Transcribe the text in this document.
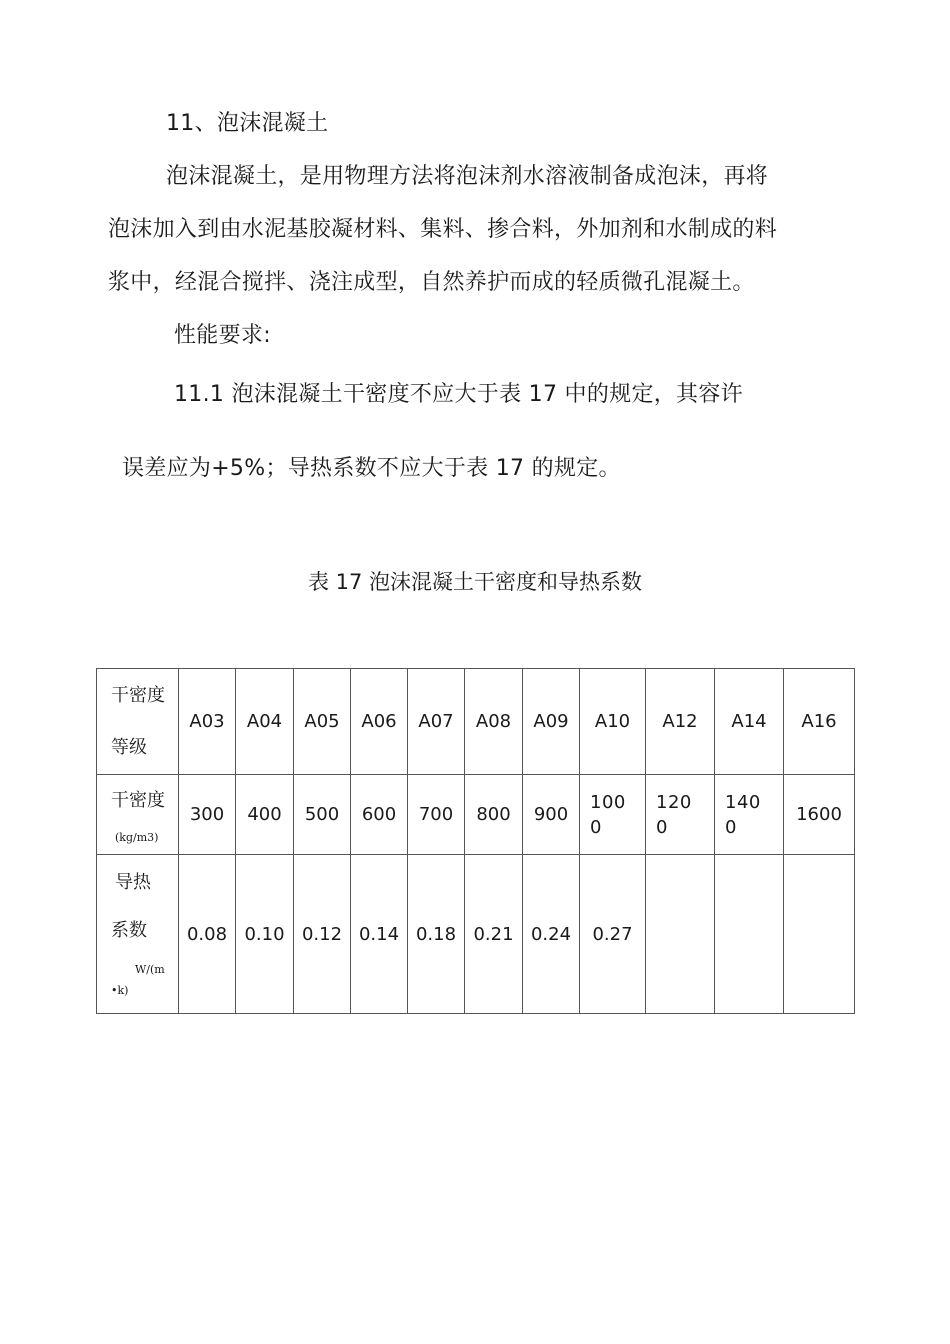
11、泡沫混凝土
泡沫混凝土，是用物理方法将泡沫剂水溶液制备成泡沫，再将
泡沫加入到由水泥基胶凝材料、集料、掺合料，外加剂和水制成的料
浆中，经混合搅拌、浇注成型，自然养护而成的轻质微孔混凝土。
性能要求:
11.1 泡沫混凝土干密度不应大于表 17 中的规定，其容许
误差应为+5%；导热系数不应大于表 17 的规定。
表 17 泡沫混凝土干密度和导热系数
干密度
等级	A03	A04	A05	A06	A07	A08	A09	A10	A12	A14	A16

干密度
(kg/m3)	300	400	500	600	700	800	900	1000	1200	1400	1600

导热
系数
W/(m
•k)	0.08	0.10	0.12	0.14	0.18	0.21	0.24	0.27			
